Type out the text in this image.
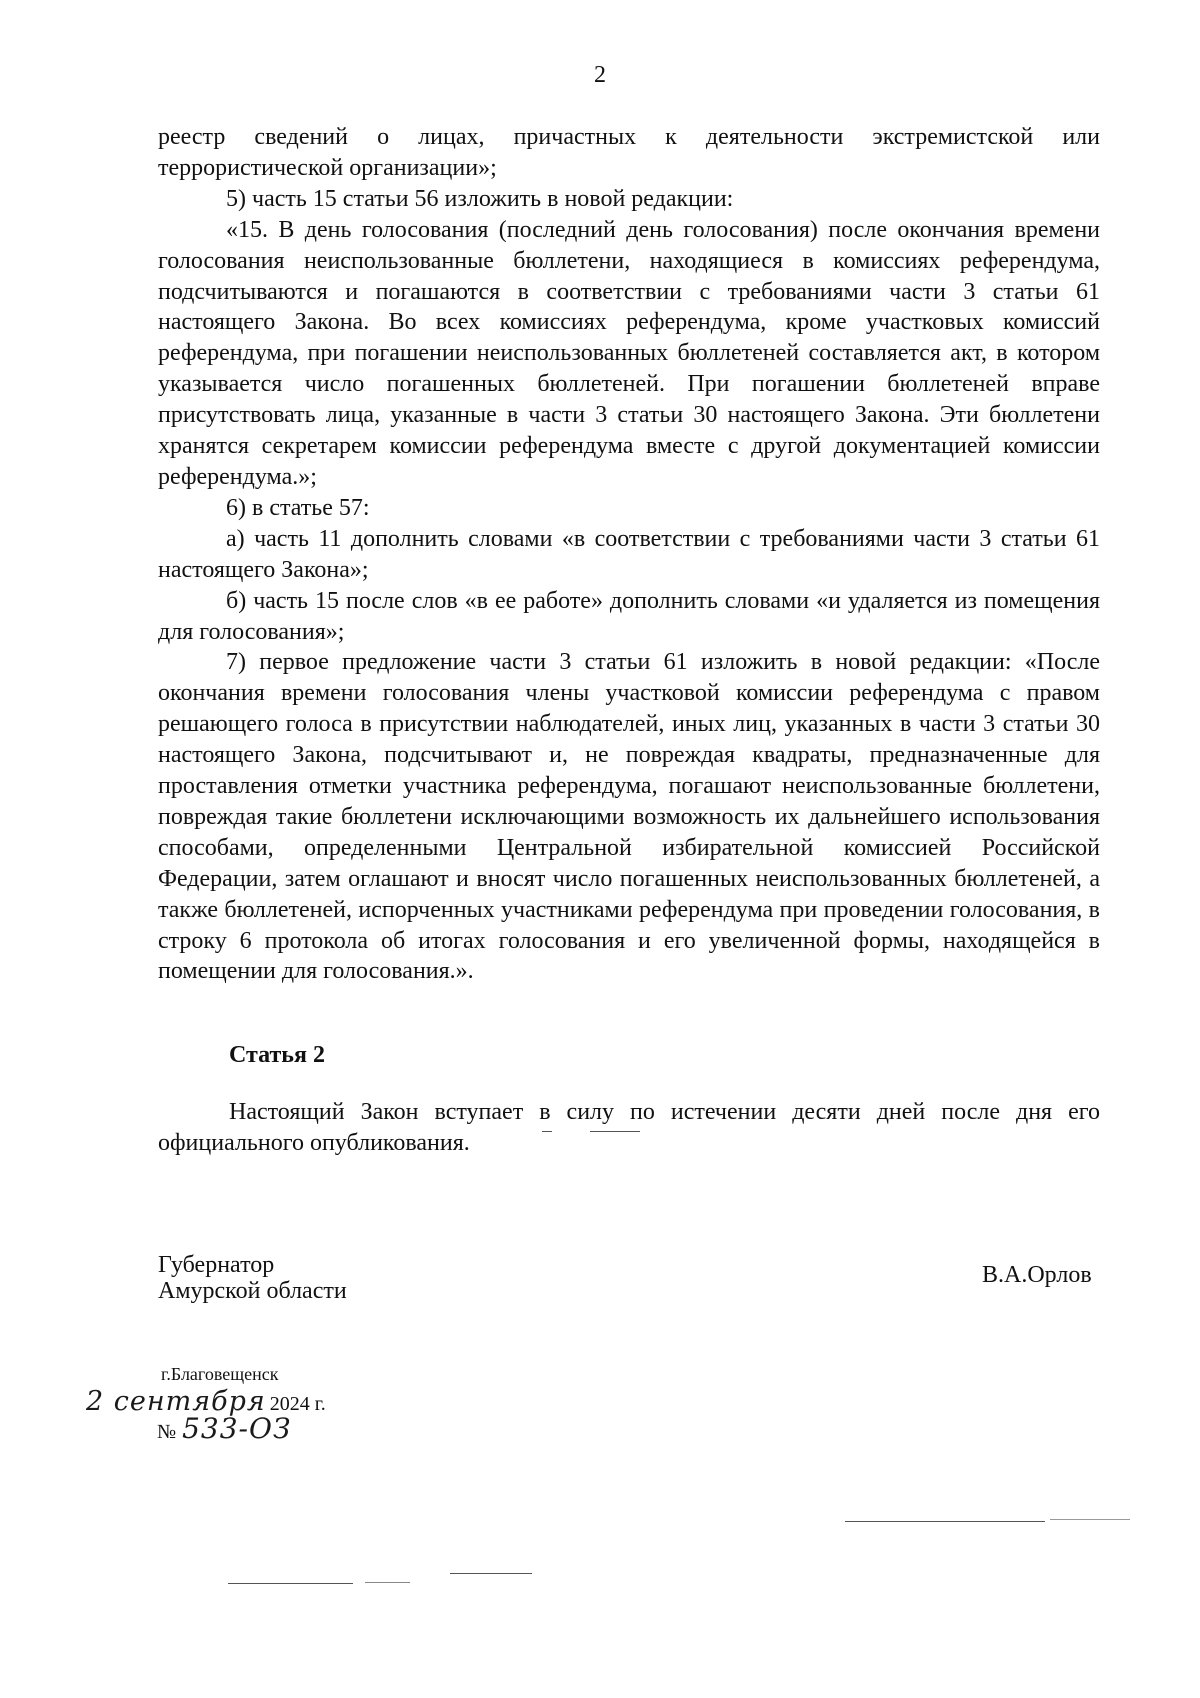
2

реестр сведений о лицах, причастных к деятельности экстремистской или террористической организации»;

5) часть 15 статьи 56 изложить в новой редакции:

«15. В день голосования (последний день голосования) после окончания времени голосования неиспользованные бюллетени, находящиеся в комиссиях референдума, подсчитываются и погашаются в соответствии с требованиями части 3 статьи 61 настоящего Закона. Во всех комиссиях референдума, кроме участковых комиссий референдума, при погашении неиспользованных бюллетеней составляется акт, в котором указывается число погашенных бюллетеней. При погашении бюллетеней вправе присутствовать лица, указанные в части 3 статьи 30 настоящего Закона. Эти бюллетени хранятся секретарем комиссии референдума вместе с другой документацией комиссии референдума.»;

6) в статье 57:

а) часть 11 дополнить словами «в соответствии с требованиями части 3 статьи 61 настоящего Закона»;

б) часть 15 после слов «в ее работе» дополнить словами «и удаляется из помещения для голосования»;

7) первое предложение части 3 статьи 61 изложить в новой редакции: «После окончания времени голосования члены участковой комиссии референдума с правом решающего голоса в присутствии наблюдателей, иных лиц, указанных в части 3 статьи 30 настоящего Закона, подсчитывают и, не повреждая квадраты, предназначенные для проставления отметки участника референдума, погашают неиспользованные бюллетени, повреждая такие бюллетени исключающими возможность их дальнейшего использования способами, определенными Центральной избирательной комиссией Российской Федерации, затем оглашают и вносят число погашенных неиспользованных бюллетеней, а также бюллетеней, испорченных участниками референдума при проведении голосования, в строку 6 протокола об итогах голосования и его увеличенной формы, находящейся в помещении для голосования.».

Статья 2

Настоящий Закон вступает в силу по истечении десяти дней после дня его официального опубликования.

Губернатор
Амурской области
В.А.Орлов
г.Благовещенск
2 сентября 2024 г.
№ 533-ОЗ
